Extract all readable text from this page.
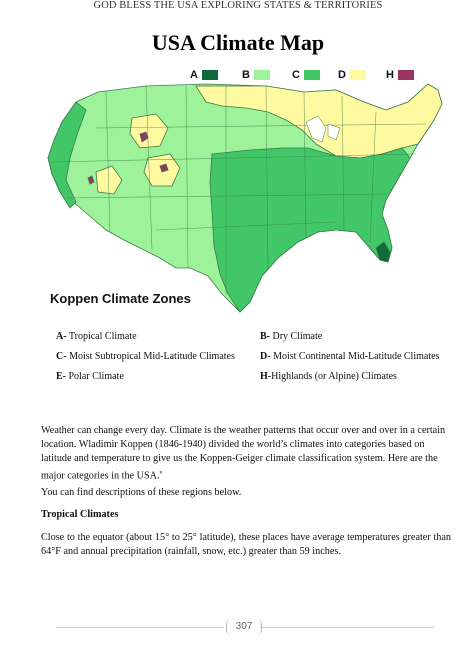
GOD BLESS THE USA EXPLORING STATES & TERRITORIES
USA Climate Map
A	B	C	D	H
Koppen Climate Zones
A- Tropical Climate	B- Dry Climate
C- Moist Subtropical Mid-Latitude Climates	D- Moist Continental Mid-Latitude Climates
E- Polar Climate	H-Highlands (or Alpine) Climates
Weather can change every day. Climate is the weather patterns that occur over and over in a certain location. Wladimir Koppen (1846-1940) divided the world’s climates into categories based on latitude and temperature to give us the Koppen-Geiger climate classification system. Here are the major categories in the USA.$^v$
You can find descriptions of these regions below.
Tropical Climates
Close to the equator (about 15° to 25° latitude), these places have average temperatures greater than 64°F and annual precipitation (rainfall, snow, etc.) greater than 59 inches.
307
